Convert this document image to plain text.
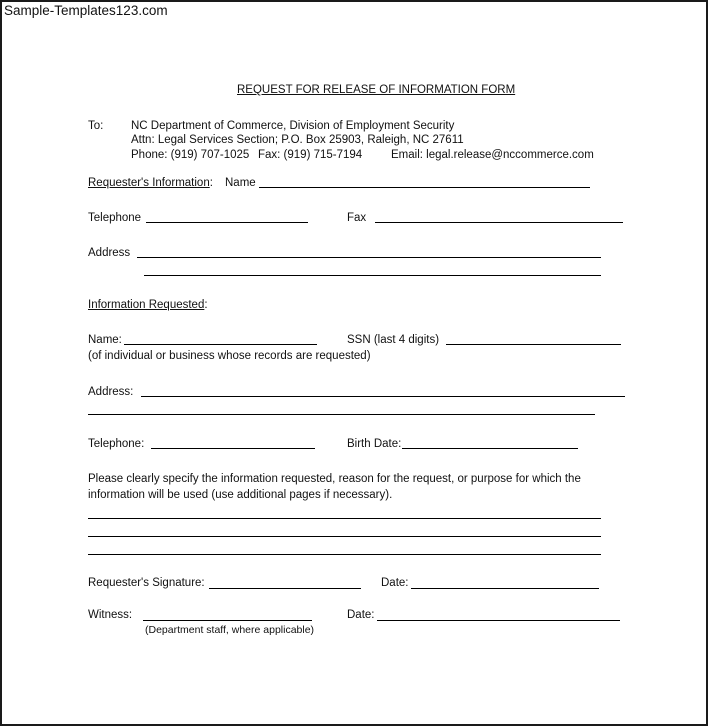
Sample-Templates123.com
REQUEST FOR RELEASE OF INFORMATION FORM
To: NC Department of Commerce, Division of Employment Security
Attn: Legal Services Section; P.O. Box 25903, Raleigh, NC 27611
Phone: (919) 707-1025 Fax: (919) 715-7194	Email: legal.release@nccommerce.com
Requester's Information: Name
Telephone	Fax
Address
Information Requested:
Name:	SSN (last 4 digits)
(of individual or business whose records are requested)
Address:
Telephone:	Birth Date:
Please clearly specify the information requested, reason for the request, or purpose for which the
information will be used (use additional pages if necessary).
Requester's Signature:	Date:
Witness:	Date:
(Department staff, where applicable)
